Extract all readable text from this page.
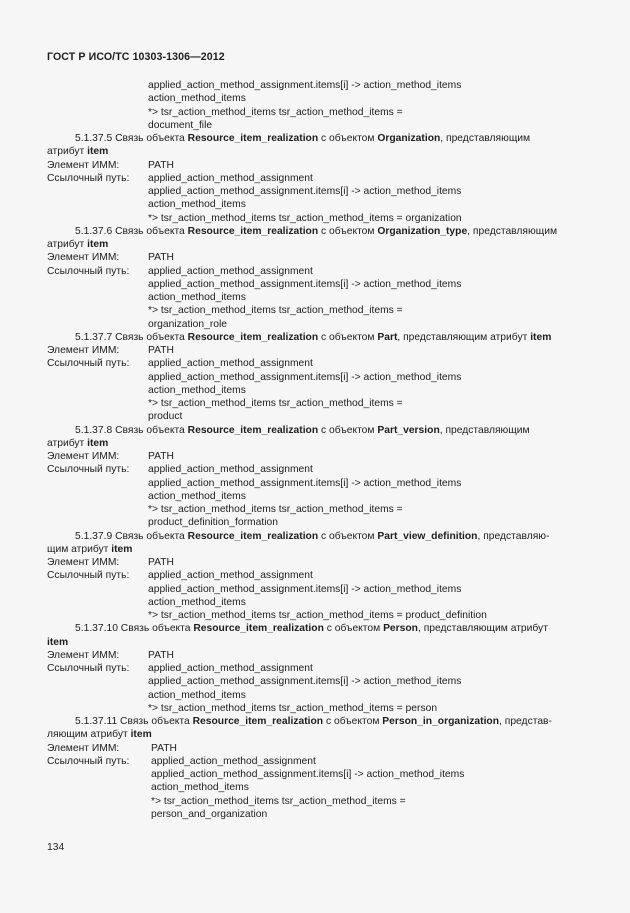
ГОСТ Р ИСО/ТС 10303-1306—2012
applied_action_method_assignment.items[i] -> action_method_items
action_method_items
*> tsr_action_method_items tsr_action_method_items =
document_file
5.1.37.5 Связь объекта Resource_item_realization с объектом Organization, представляющим
атрибут item
Элемент ИММ:	PATH
Ссылочный путь: applied_action_method_assignment
applied_action_method_assignment.items[i] -> action_method_items
action_method_items
*> tsr_action_method_items tsr_action_method_items = organization
5.1.37.6 Связь объекта Resource_item_realization с объектом Organization_type, представляющим
атрибут item
Элемент ИММ:	PATH
Ссылочный путь: applied_action_method_assignment
applied_action_method_assignment.items[i] -> action_method_items
action_method_items
*> tsr_action_method_items tsr_action_method_items =
organization_role
5.1.37.7 Связь объекта Resource_item_realization с объектом Part, представляющим атрибут item
Элемент ИММ:	PATH
Ссылочный путь: applied_action_method_assignment
applied_action_method_assignment.items[i] -> action_method_items
action_method_items
*> tsr_action_method_items tsr_action_method_items =
product
5.1.37.8 Связь объекта Resource_item_realization с объектом Part_version, представляющим
атрибут item
Элемент ИММ:	PATH
Ссылочный путь: applied_action_method_assignment
applied_action_method_assignment.items[i] -> action_method_items
action_method_items
*> tsr_action_method_items tsr_action_method_items =
product_definition_formation
5.1.37.9 Связь объекта Resource_item_realization с объектом Part_view_definition, представляю-
щим атрибут item
Элемент ИММ:	PATH
Ссылочный путь: applied_action_method_assignment
applied_action_method_assignment.items[i] -> action_method_items
action_method_items
*> tsr_action_method_items tsr_action_method_items = product_definition
5.1.37.10 Связь объекта Resource_item_realization с объектом Person, представляющим атрибут
item
Элемент ИММ:	PATH
Ссылочный путь: applied_action_method_assignment
applied_action_method_assignment.items[i] -> action_method_items
action_method_items
*> tsr_action_method_items tsr_action_method_items = person
5.1.37.11 Связь объекта Resource_item_realization с объектом Person_in_organization, представ-
ляющим атрибут item
Элемент ИММ:	PATH
Ссылочный путь: applied_action_method_assignment
applied_action_method_assignment.items[i] -> action_method_items
action_method_items
*> tsr_action_method_items tsr_action_method_items =
person_and_organization
134
